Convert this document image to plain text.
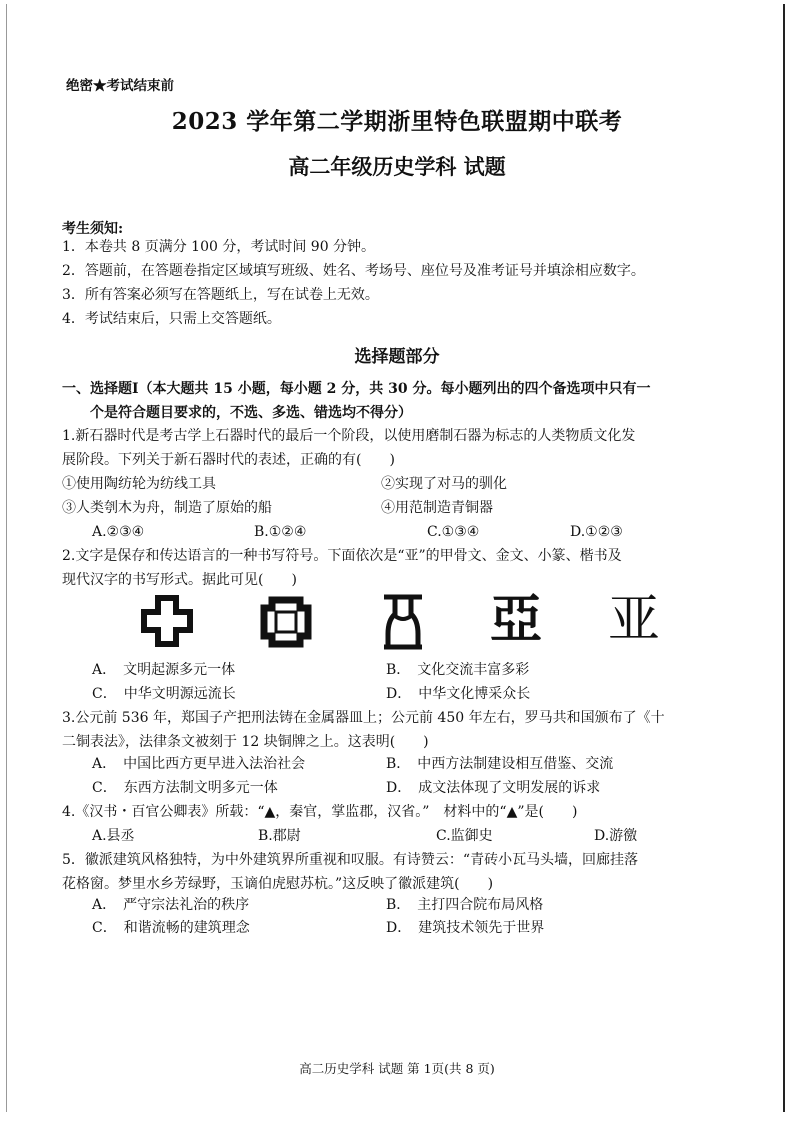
绝密★考试结束前
2023 学年第二学期浙里特色联盟期中联考
高二年级历史学科 试题
考生须知:
1．本卷共 8 页满分 100 分，考试时间 90 分钟。
2．答题前，在答题卷指定区域填写班级、姓名、考场号、座位号及准考证号并填涂相应数字。
3．所有答案必须写在答题纸上，写在试卷上无效。
4．考试结束后，只需上交答题纸。
选择题部分
一、选择题Ⅰ（本大题共 15 小题，每小题 2 分，共 30 分。每小题列出的四个备选项中只有一
个是符合题目要求的，不选、多选、错选均不得分）
1.新石器时代是考古学上石器时代的最后一个阶段，以使用磨制石器为标志的人类物质文化发
展阶段。下列关于新石器时代的表述，正确的有(　　)
①使用陶纺轮为纺线工具	②实现了对马的驯化
③人类刳木为舟，制造了原始的船	④用范制造青铜器
A.②③④	B.①②④	C.①③④	D.①②③
2.文字是保存和传达语言的一种书写符号。下面依次是“亚”的甲骨文、金文、小篆、楷书及
现代汉字的书写形式。据此可见(　　)
亞 亚
A．　文明起源多元一体	B．　文化交流丰富多彩
C．　中华文明源远流长	D．　中华文化博采众长
3.公元前 536 年，郑国子产把刑法铸在金属器皿上；公元前 450 年左右，罗马共和国颁布了《十
二铜表法》，法律条文被刻于 12 块铜牌之上。这表明(　　)
A．　中国比西方更早进入法治社会	B．　中西方法制建设相互借鉴、交流
C．　东西方法制文明多元一体	D．　成文法体现了文明发展的诉求
4.《汉书・百官公卿表》所载：“▲，秦官，掌监郡，汉省。”　材料中的“▲”是(　　)
A.县丞	B.郡尉	C.监御史	D.游徼
5．徽派建筑风格独特，为中外建筑界所重视和叹服。有诗赞云：“青砖小瓦马头墙，回廊挂落
花格窗。梦里水乡芳绿野，玉谪伯虎慰苏杭。”这反映了徽派建筑(　　)
A．　严守宗法礼治的秩序	B．　主打四合院布局风格
C．　和谐流畅的建筑理念	D．　建筑技术领先于世界
高二历史学科 试题 第 1页(共 8 页)
